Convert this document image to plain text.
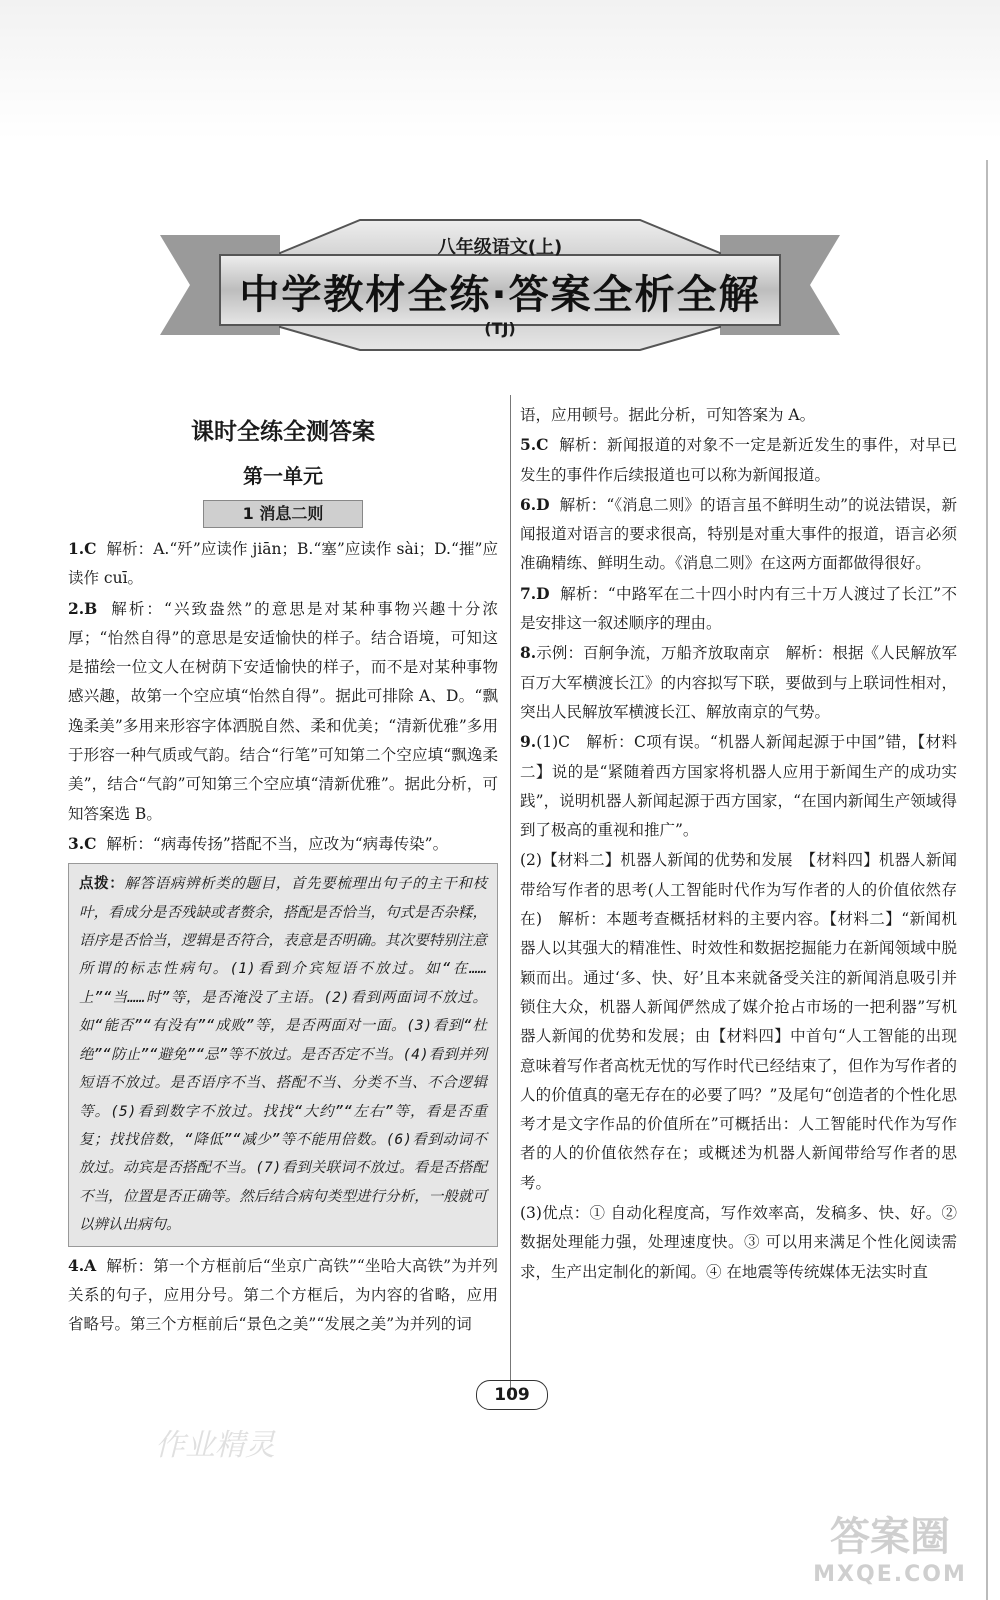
八年级语文(上)
中学教材全练·答案全析全解
(TJ)
课时全练全测答案
第一单元
1 消息二则
1.C 解析：A.“歼”应读作 jiān；B.“塞”应读作 sài；D.“摧”应读作 cuī。
2.B 解析：“兴致盎然”的意思是对某种事物兴趣十分浓厚；“怡然自得”的意思是安适愉快的样子。结合语境，可知这是描绘一位文人在树荫下安适愉快的样子，而不是对某种事物感兴趣，故第一个空应填“怡然自得”。据此可排除 A、D。“飘逸柔美”多用来形容字体洒脱自然、柔和优美；“清新优雅”多用于形容一种气质或气韵。结合“行笔”可知第二个空应填“飘逸柔美”，结合“气韵”可知第三个空应填“清新优雅”。据此分析，可知答案选 B。
3.C 解析：“病毒传扬”搭配不当，应改为“病毒传染”。
点拨：解答语病辨析类的题目，首先要梳理出句子的主干和枝叶，看成分是否残缺或者赘余，搭配是否恰当，句式是否杂糅，语序是否恰当，逻辑是否符合，表意是否明确。其次要特别注意所谓的标志性病句。(1)看到介宾短语不放过。如“在……上”“当……时”等，是否淹没了主语。(2)看到两面词不放过。如“能否”“有没有”“成败”等，是否两面对一面。(3)看到“杜绝”“防止”“避免”“忌”等不放过。是否否定不当。(4)看到并列短语不放过。是否语序不当、搭配不当、分类不当、不合逻辑等。(5)看到数字不放过。找找“大约”“左右”等，看是否重复；找找倍数，“降低”“减少”等不能用倍数。(6)看到动词不放过。动宾是否搭配不当。(7)看到关联词不放过。看是否搭配不当，位置是否正确等。然后结合病句类型进行分析，一般就可以辨认出病句。
4.A 解析：第一个方框前后“坐京广高铁”“坐哈大高铁”为并列关系的句子，应用分号。第二个方框后，为内容的省略，应用省略号。第三个方框前后“景色之美”“发展之美”为并列的词
语，应用顿号。据此分析，可知答案为 A。
5.C 解析：新闻报道的对象不一定是新近发生的事件，对早已发生的事件作后续报道也可以称为新闻报道。
6.D 解析：“《消息二则》的语言虽不鲜明生动”的说法错误，新闻报道对语言的要求很高，特别是对重大事件的报道，语言必须准确精练、鲜明生动。《消息二则》在这两方面都做得很好。
7.D 解析：“中路军在二十四小时内有三十万人渡过了长江”不是安排这一叙述顺序的理由。
8.示例：百舸争流，万船齐放取南京　解析：根据《人民解放军百万大军横渡长江》的内容拟写下联，要做到与上联词性相对，突出人民解放军横渡长江、解放南京的气势。
9.(1)C　解析：C项有误。“机器人新闻起源于中国”错，【材料二】说的是“紧随着西方国家将机器人应用于新闻生产的成功实践”，说明机器人新闻起源于西方国家，“在国内新闻生产领域得到了极高的重视和推广”。
(2)【材料二】机器人新闻的优势和发展　【材料四】机器人新闻带给写作者的思考(人工智能时代作为写作者的人的价值依然存在)　解析：本题考查概括材料的主要内容。【材料二】“新闻机器人以其强大的精准性、时效性和数据挖掘能力在新闻领域中脱颖而出。通过‘多、快、好’且本来就备受关注的新闻消息吸引并锁住大众，机器人新闻俨然成了媒介抢占市场的一把利器”写机器人新闻的优势和发展；由【材料四】中首句“人工智能的出现意味着写作者高枕无忧的写作时代已经结束了，但作为写作者的人的价值真的毫无存在的必要了吗？”及尾句“创造者的个性化思考才是文字作品的价值所在”可概括出：人工智能时代作为写作者的人的价值依然存在；或概述为机器人新闻带给写作者的思考。
(3)优点：① 自动化程度高，写作效率高，发稿多、快、好。② 数据处理能力强，处理速度快。③ 可以用来满足个性化阅读需求，生产出定制化的新闻。④ 在地震等传统媒体无法实时直
109
作业精灵
答案圈
MXQE.COM
